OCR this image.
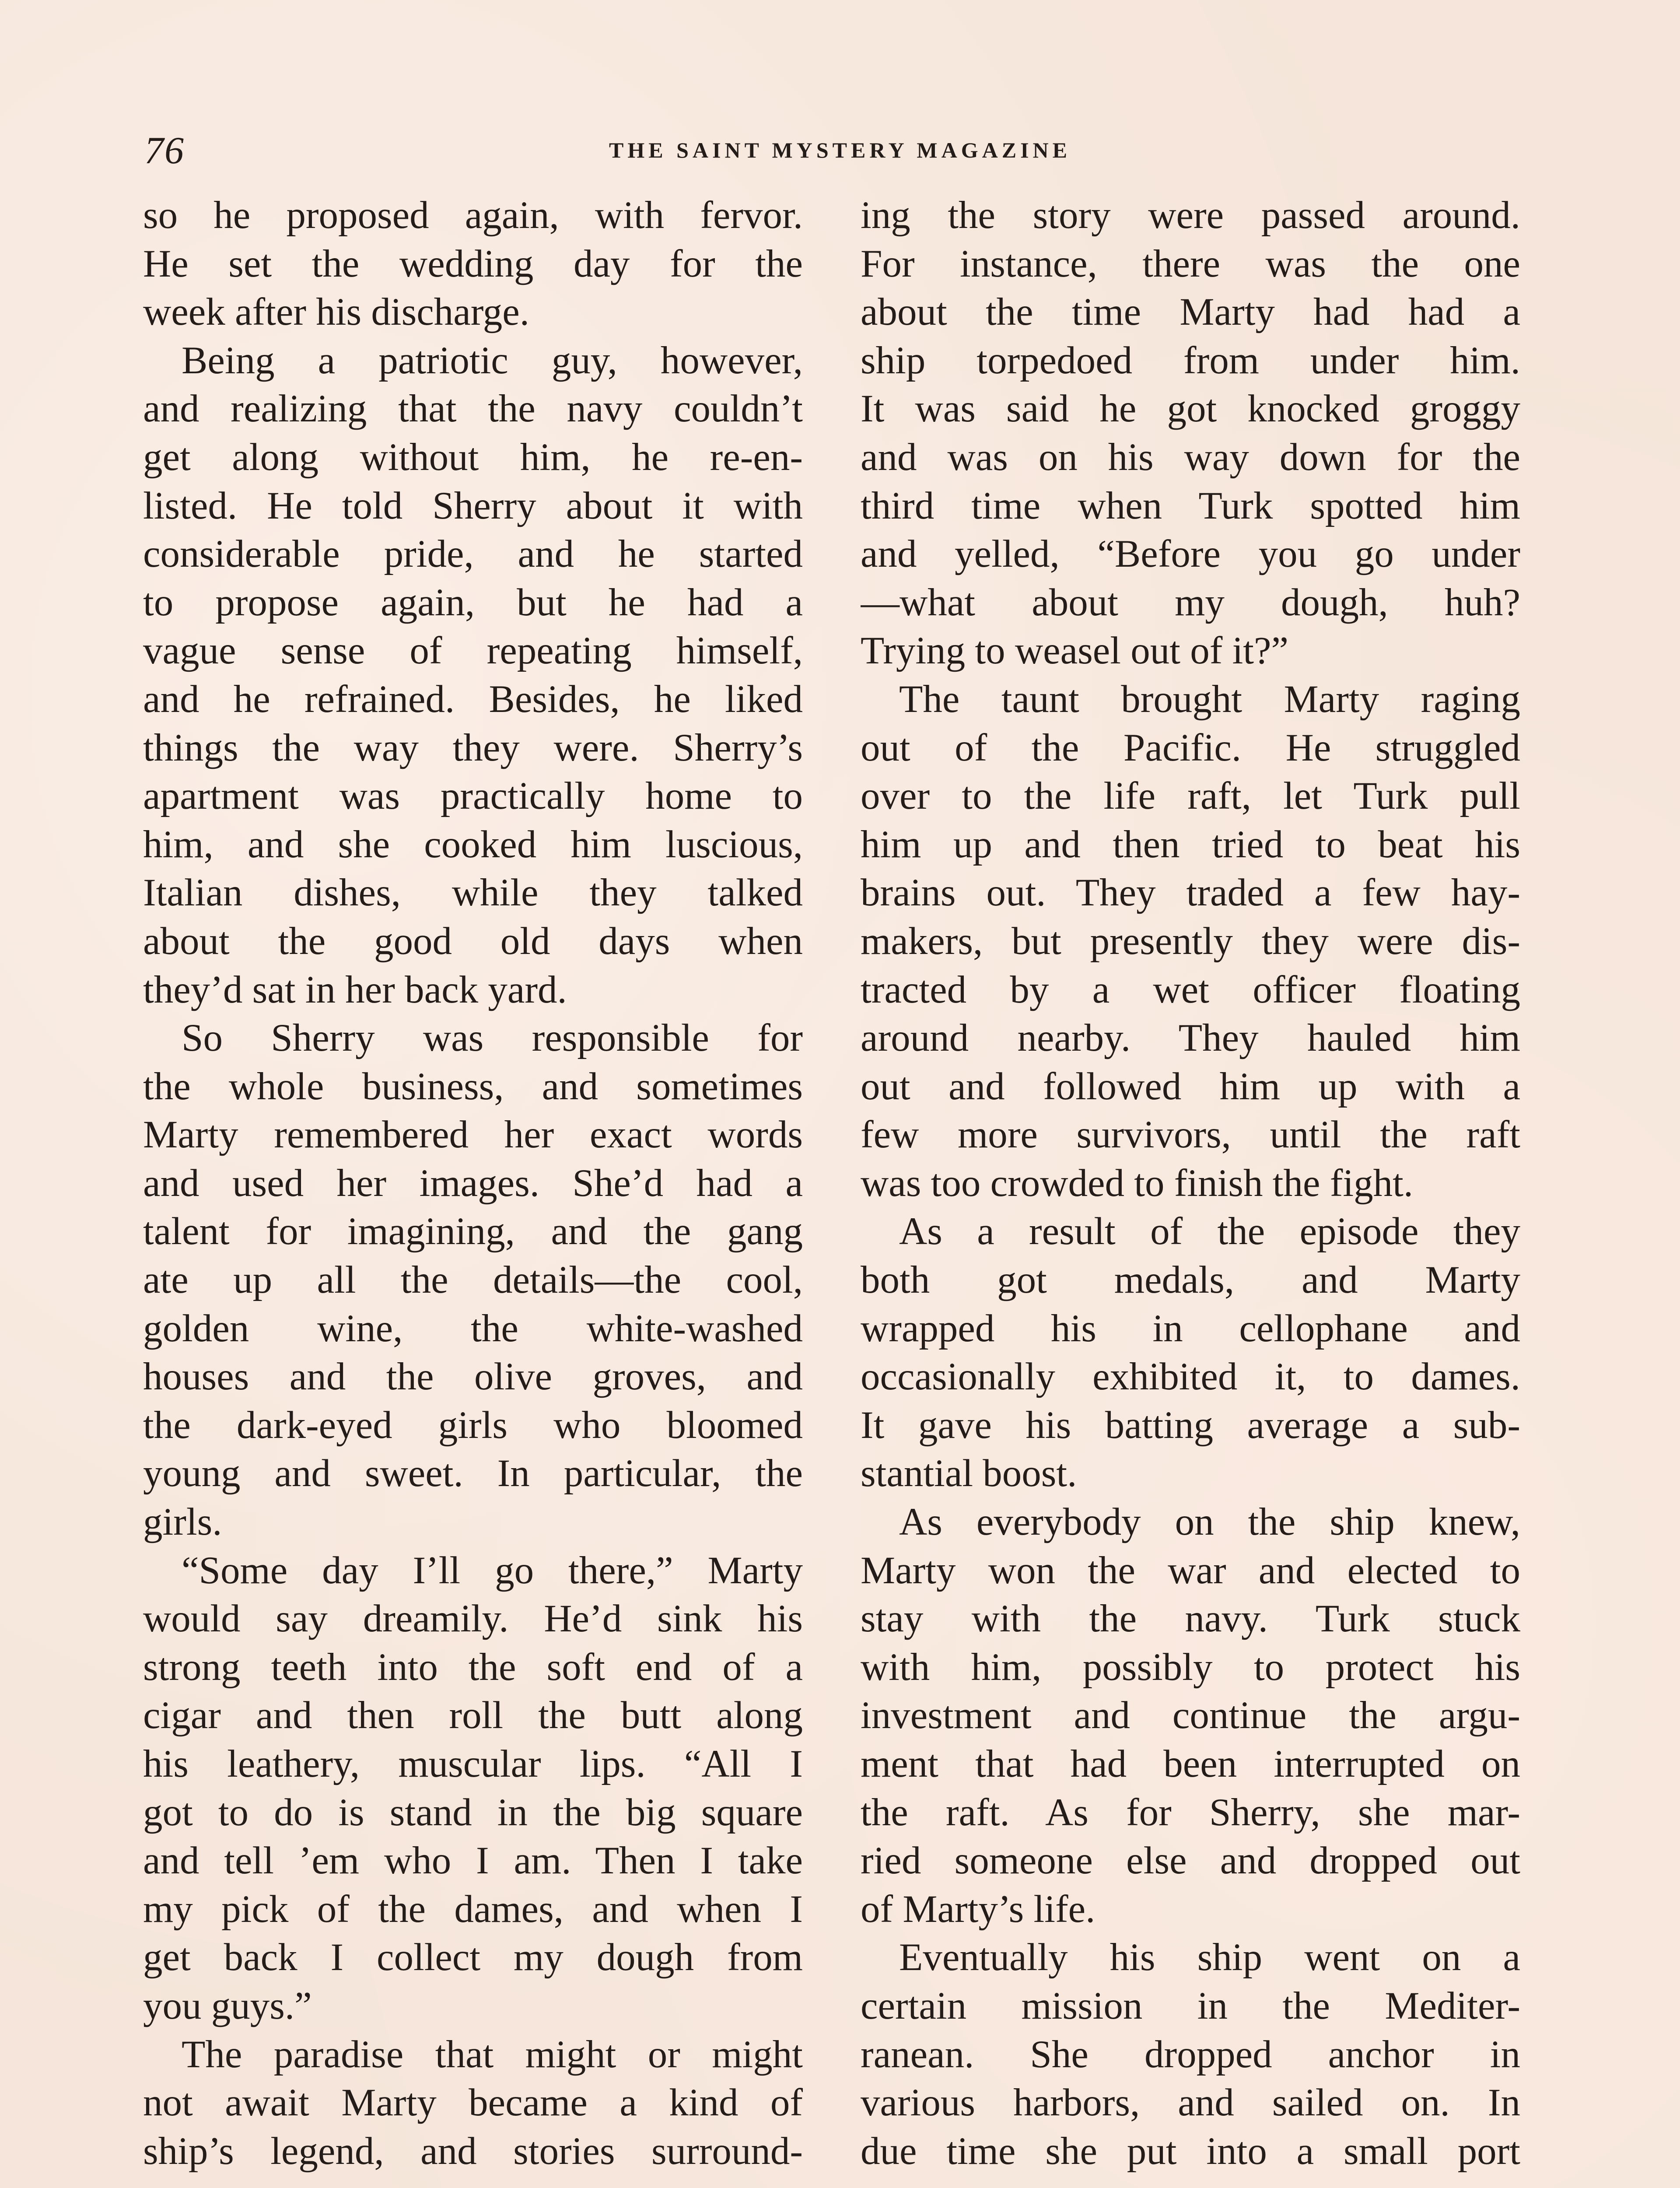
76	THE SAINT MYSTERY MAGAZINE
so he proposed again, with fervor.
He set the wedding day for the
week after his discharge.
Being a patriotic guy, however,
and realizing that the navy couldn’t
get along without him, he re-en-
listed. He told Sherry about it with
considerable pride, and he started
to propose again, but he had a
vague sense of repeating himself,
and he refrained. Besides, he liked
things the way they were. Sherry’s
apartment was practically home to
him, and she cooked him luscious,
Italian dishes, while they talked
about the good old days when
they’d sat in her back yard.
So Sherry was responsible for
the whole business, and sometimes
Marty remembered her exact words
and used her images. She’d had a
talent for imagining, and the gang
ate up all the details—the cool,
golden wine, the white-washed
houses and the olive groves, and
the dark-eyed girls who bloomed
young and sweet. In particular, the
girls.
“Some day I’ll go there,” Marty
would say dreamily. He’d sink his
strong teeth into the soft end of a
cigar and then roll the butt along
his leathery, muscular lips. “All I
got to do is stand in the big square
and tell ’em who I am. Then I take
my pick of the dames, and when I
get back I collect my dough from
you guys.”
The paradise that might or might
not await Marty became a kind of
ship’s legend, and stories surround-
ing the story were passed around.
For instance, there was the one
about the time Marty had had a
ship torpedoed from under him.
It was said he got knocked groggy
and was on his way down for the
third time when Turk spotted him
and yelled, “Before you go under
—what about my dough, huh?
Trying to weasel out of it?”
The taunt brought Marty raging
out of the Pacific. He struggled
over to the life raft, let Turk pull
him up and then tried to beat his
brains out. They traded a few hay-
makers, but presently they were dis-
tracted by a wet officer floating
around nearby. They hauled him
out and followed him up with a
few more survivors, until the raft
was too crowded to finish the fight.
As a result of the episode they
both got medals, and Marty
wrapped his in cellophane and
occasionally exhibited it, to dames.
It gave his batting average a sub-
stantial boost.
As everybody on the ship knew,
Marty won the war and elected to
stay with the navy. Turk stuck
with him, possibly to protect his
investment and continue the argu-
ment that had been interrupted on
the raft. As for Sherry, she mar-
ried someone else and dropped out
of Marty’s life.
Eventually his ship went on a
certain mission in the Mediter-
ranean. She dropped anchor in
various harbors, and sailed on. In
due time she put into a small port
